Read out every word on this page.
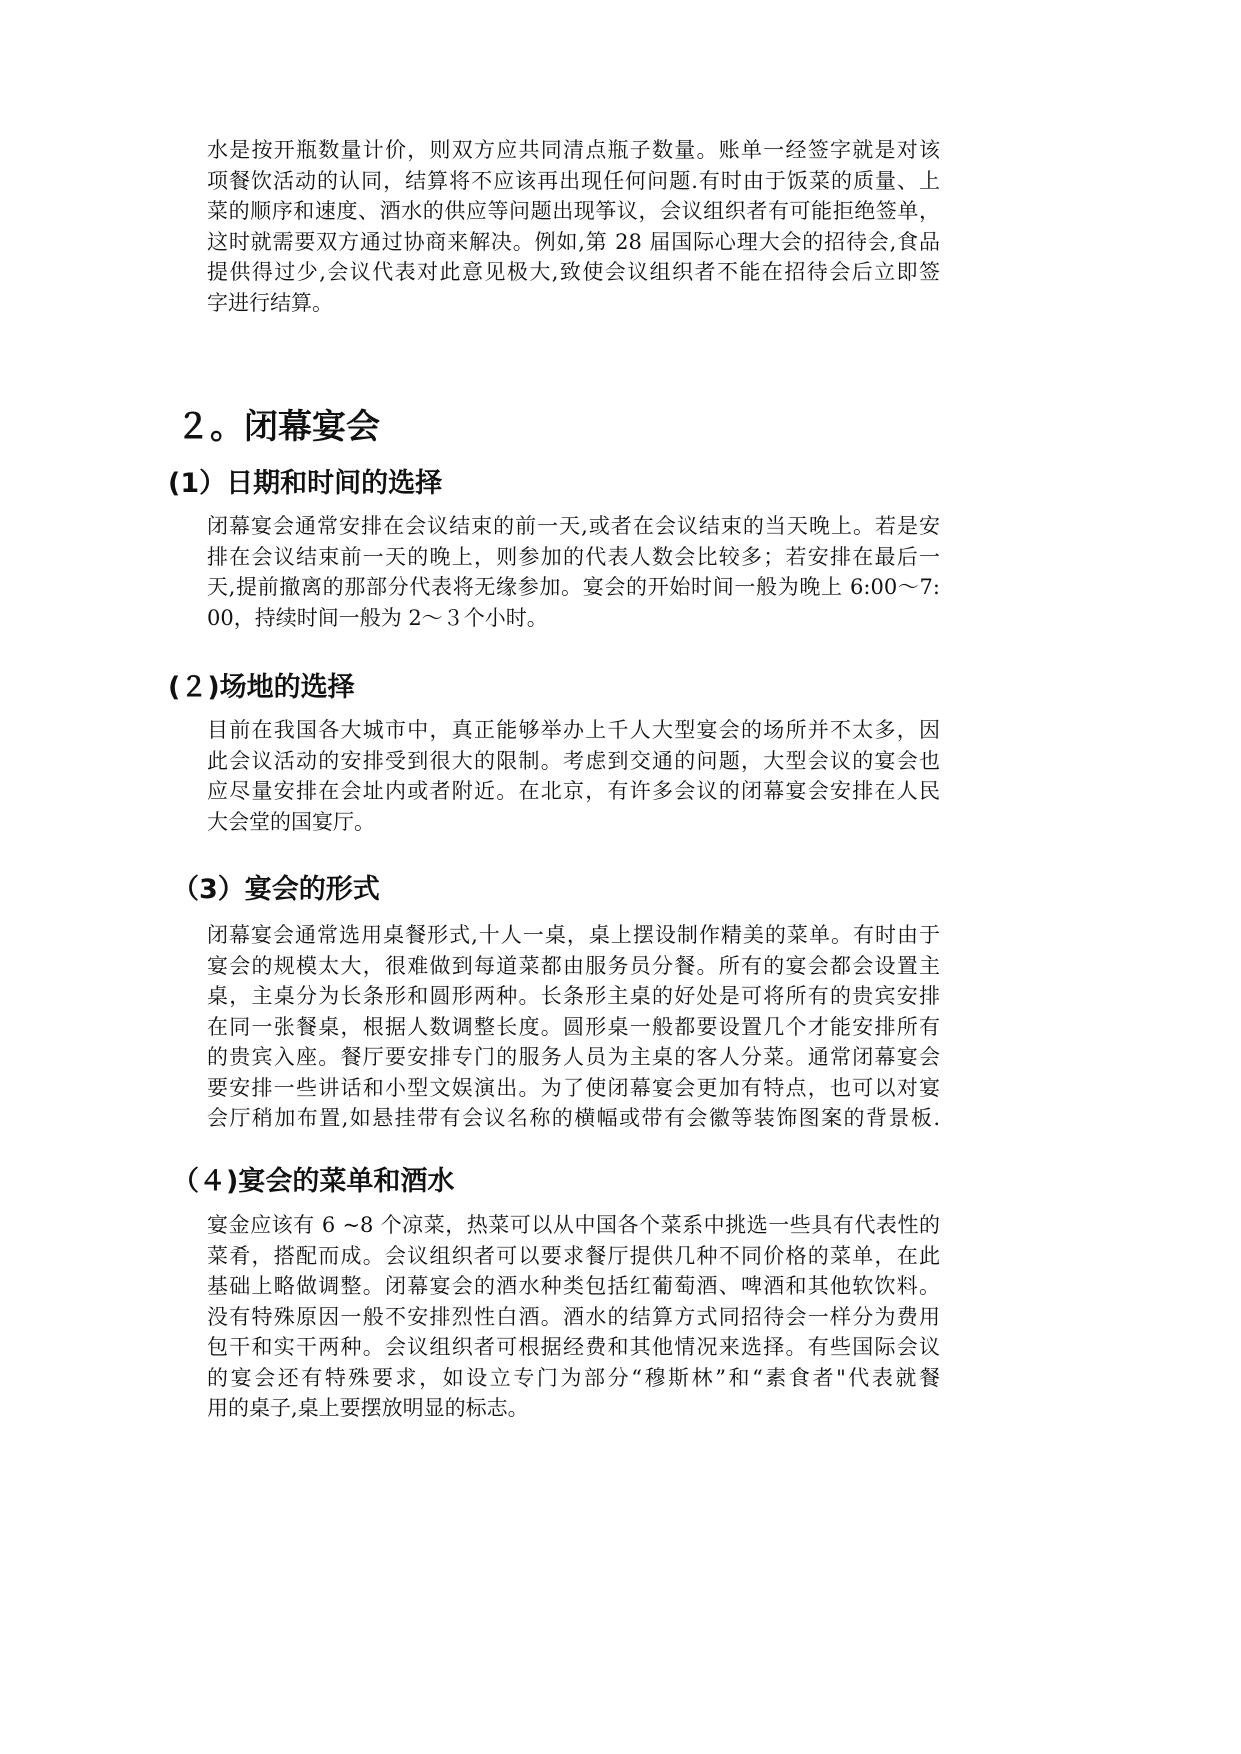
水是按开瓶数量计价，则双方应共同清点瓶子数量。账单一经签字就是对该
项餐饮活动的认同，结算将不应该再出现任何问题.有时由于饭菜的质量、上
菜的顺序和速度、酒水的供应等问题出现筝议，会议组织者有可能拒绝签单，
这时就需要双方通过协商来解决。例如,第 28 届国际心理大会的招待会,食品
提供得过少,会议代表对此意见极大,致使会议组织者不能在招待会后立即签
字进行结算。
２。闭幕宴会
(1）日期和时间的选择
闭幕宴会通常安排在会议结束的前一天,或者在会议结束的当天晚上。若是安
排在会议结束前一天的晚上，则参加的代表人数会比较多；若安排在最后一
天,提前撤离的那部分代表将无缘参加。宴会的开始时间一般为晚上 6:00～7:
00，持续时间一般为 2～３个小时。
(２)场地的选择
目前在我国各大城市中，真正能够举办上千人大型宴会的场所并不太多，因
此会议活动的安排受到很大的限制。考虑到交通的问题，大型会议的宴会也
应尽量安排在会址内或者附近。在北京，有许多会议的闭幕宴会安排在人民
大会堂的国宴厅。
（3）宴会的形式
闭幕宴会通常选用桌餐形式,十人一桌，桌上摆设制作精美的菜单。有时由于
宴会的规模太大，很难做到每道菜都由服务员分餐。所有的宴会都会设置主
桌，主桌分为长条形和圆形两种。长条形主桌的好处是可将所有的贵宾安排
在同一张餐桌，根据人数调整长度。圆形桌一般都要设置几个才能安排所有
的贵宾入座。餐厅要安排专门的服务人员为主桌的客人分菜。通常闭幕宴会
要安排一些讲话和小型文娱演出。为了使闭幕宴会更加有特点，也可以对宴
会厅稍加布置,如悬挂带有会议名称的横幅或带有会徽等装饰图案的背景板.
（４)宴会的菜单和酒水
宴金应该有 6 ~8 个凉菜，热菜可以从中国各个菜系中挑选一些具有代表性的
菜肴，搭配而成。会议组织者可以要求餐厅提供几种不同价格的菜单，在此
基础上略做调整。闭幕宴会的酒水种类包括红葡萄酒、啤酒和其他软饮料。
没有特殊原因一般不安排烈性白酒。酒水的结算方式同招待会一样分为费用
包干和实干两种。会议组织者可根据经费和其他情况来选择。有些国际会议
的宴会还有特殊要求，如设立专门为部分“穆斯林”和“素食者"代表就餐
用的桌子,桌上要摆放明显的标志。
